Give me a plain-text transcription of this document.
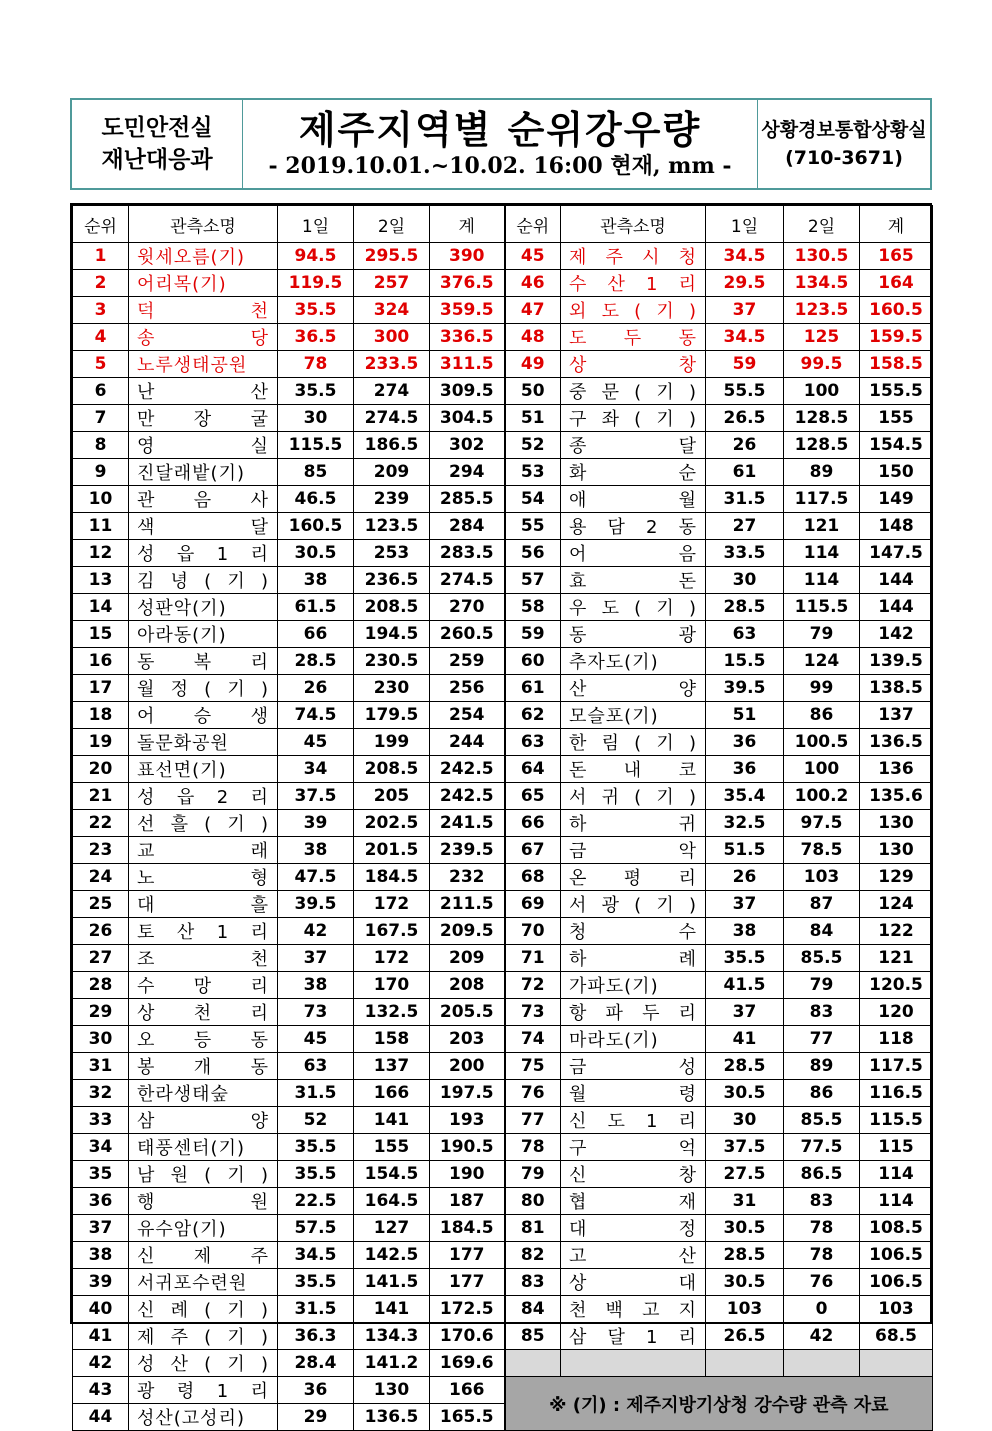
도민안전실
재난대응과
제주지역별 순위강우량
- 2019.10.01.~10.02. 16:00 현재, mm -
상황경보통합상황실
(710-3671)
순위	관측소명	1일	2일	계	순위	관측소명	1일	2일	계
1	윗세오름(기)	94.5	295.5	390	45	제 주 시 청	34.5	130.5	165
2	어리목(기)	119.5	257	376.5	46	수 산 1 리	29.5	134.5	164
3	덕 천	35.5	324	359.5	47	외 도 ( 기 )	37	123.5	160.5
4	송 당	36.5	300	336.5	48	도 두 동	34.5	125	159.5
5	노루생태공원	78	233.5	311.5	49	상 창	59	99.5	158.5
6	난 산	35.5	274	309.5	50	중 문 ( 기 )	55.5	100	155.5
7	만 장 굴	30	274.5	304.5	51	구 좌 ( 기 )	26.5	128.5	155
8	영 실	115.5	186.5	302	52	종 달	26	128.5	154.5
9	진달래밭(기)	85	209	294	53	화 순	61	89	150
10	관 음 사	46.5	239	285.5	54	애 월	31.5	117.5	149
11	색 달	160.5	123.5	284	55	용 담 2 동	27	121	148
12	성 읍 1 리	30.5	253	283.5	56	어 음	33.5	114	147.5
13	김 녕 ( 기 )	38	236.5	274.5	57	효 돈	30	114	144
14	성판악(기)	61.5	208.5	270	58	우 도 ( 기 )	28.5	115.5	144
15	아라동(기)	66	194.5	260.5	59	동 광	63	79	142
16	동 복 리	28.5	230.5	259	60	추자도(기)	15.5	124	139.5
17	월 정 ( 기 )	26	230	256	61	산 양	39.5	99	138.5
18	어 승 생	74.5	179.5	254	62	모슬포(기)	51	86	137
19	돌문화공원	45	199	244	63	한 림 ( 기 )	36	100.5	136.5
20	표선면(기)	34	208.5	242.5	64	돈 내 코	36	100	136
21	성 읍 2 리	37.5	205	242.5	65	서 귀 ( 기 )	35.4	100.2	135.6
22	선 흘 ( 기 )	39	202.5	241.5	66	하 귀	32.5	97.5	130
23	교 래	38	201.5	239.5	67	금 악	51.5	78.5	130
24	노 형	47.5	184.5	232	68	온 평 리	26	103	129
25	대 흘	39.5	172	211.5	69	서 광 ( 기 )	37	87	124
26	토 산 1 리	42	167.5	209.5	70	청 수	38	84	122
27	조 천	37	172	209	71	하 례	35.5	85.5	121
28	수 망 리	38	170	208	72	가파도(기)	41.5	79	120.5
29	상 천 리	73	132.5	205.5	73	항 파 두 리	37	83	120
30	오 등 동	45	158	203	74	마라도(기)	41	77	118
31	봉 개 동	63	137	200	75	금 성	28.5	89	117.5
32	한라생태숲	31.5	166	197.5	76	월 령	30.5	86	116.5
33	삼 양	52	141	193	77	신 도 1 리	30	85.5	115.5
34	태풍센터(기)	35.5	155	190.5	78	구 억	37.5	77.5	115
35	남 원 ( 기 )	35.5	154.5	190	79	신 창	27.5	86.5	114
36	행 원	22.5	164.5	187	80	협 재	31	83	114
37	유수암(기)	57.5	127	184.5	81	대 정	30.5	78	108.5
38	신 제 주	34.5	142.5	177	82	고 산	28.5	78	106.5
39	서귀포수련원	35.5	141.5	177	83	상 대	30.5	76	106.5
40	신 례 ( 기 )	31.5	141	172.5	84	천 백 고 지	103	0	103
41	제 주 ( 기 )	36.3	134.3	170.6	85	삼 달 1 리	26.5	42	68.5
42	성 산 ( 기 )	28.4	141.2	169.6					
43	광 령 1 리	36	130	166	※ (기) : 제주지방기상청 강수량 관측 자료				
44	성산(고성리)	29	136.5	165.5					
